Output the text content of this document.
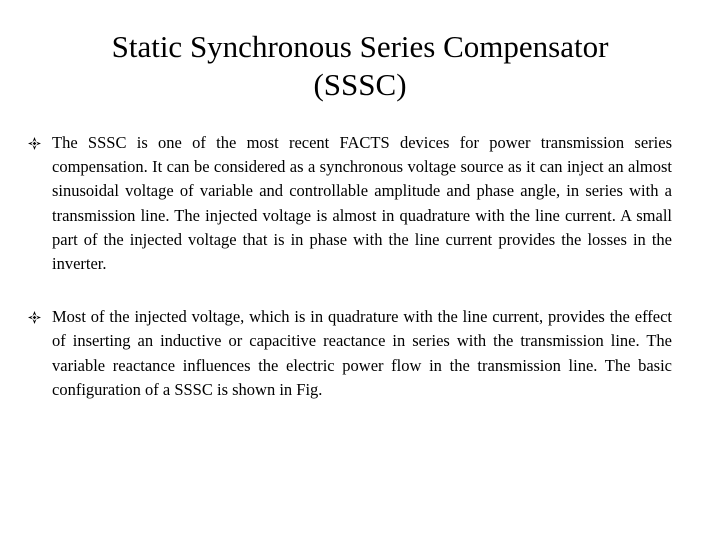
Static Synchronous Series Compensator
(SSSC)
The SSSC is one of the most recent FACTS devices for power transmission series compensation. It can be considered as a synchronous voltage source as it can inject an almost sinusoidal voltage of variable and controllable amplitude and phase angle, in series with a transmission line. The injected voltage is almost in quadrature with the line current. A small part of the injected voltage that is in phase with the line current provides the losses in the inverter.
Most of the injected voltage, which is in quadrature with the line current, provides the effect of inserting an inductive or capacitive reactance in series with the transmission line. The variable reactance influences the electric power flow in the transmission line. The basic configuration of a SSSC is shown in Fig.
